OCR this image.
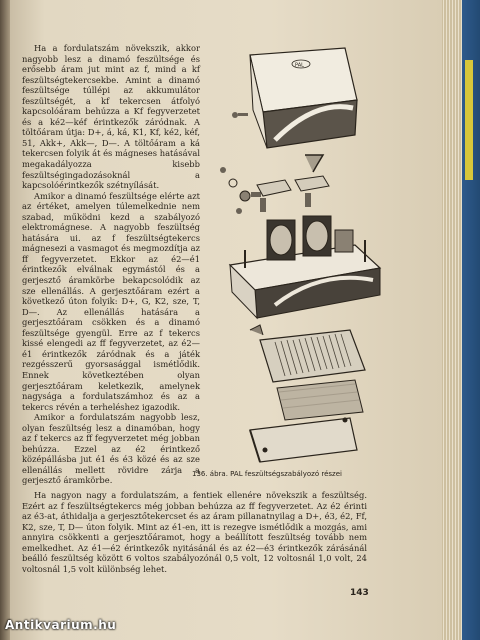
Ha a fordulatszám növekszik, akkor nagyobb lesz a dinamó feszültsége és erősebb áram jut mint az f, mind a kf feszültségtekercsekbe. Amint a dinamó feszültsége túllépi az akkumulátor feszültségét, a kf tekercsen átfolyó kapcsolóáram behúzza a Kf fegyverzetet és a ké2—kéf érintkezők záródnak. A töltőáram útja: D+, á, ká, K1, Kf, ké2, kéf, 51, Akk+, Akk—, D—. A töltőáram a ká tekercsen folyik át és mágneses hatásával megakadályozza kisebb feszültségingadozásoknál a kapcsolóérintkezők szétnyílását.

Amikor a dinamó feszültsége elérte azt az értéket, amelyen túlemelkednie nem szabad, működni kezd a szabályozó elektromágnese. A nagyobb feszültség hatására ui. az f feszültségtekercs mágnesezi a vasmagot és megmozdítja az ff fegyverzetet. Ekkor az é2—é1 érintkezők elválnak egymástól és a gerjesztő áramkörbe bekapcsolódik az sze ellenállás. A gerjesztőáram ezért a következő úton folyik: D+, G, K2, sze, T, D—. Az ellenállás hatására a gerjesztőáram csökken és a dinamó feszültsége gyengül. Erre az f tekercs kissé elengedi az ff fegyverzetet, az é2—é1 érintkezők záródnak és a játék rezgésszerű gyorsasággal ismétlődik. Ennek következtében olyan gerjesztőáram keletkezik, amelynek nagysága a fordulatszámhoz és az a tekercs révén a terheléshez igazodik.

Amikor a fordulatszám nagyobb lesz, olyan feszültség lesz a dinamóban, hogy az f tekercs az ff fegyverzetet még jobban behúzza. Ezzel az é2 érintkező középállásba jut é1 és é3 közé és az sze ellenállás mellett rövidre zárja a gerjesztő áramkörbe.

PAL
136. ábra. PAL feszültségszabályozó részei

Ha nagyon nagy a fordulatszám, a fentiek ellenére növekszik a feszültség. Ezért az f feszültségtekercs még jobban behúzza az ff fegyverzetet. Az é2 érinti az é3-at, áthidalja a gerjesztőtekercset és az áram pillanatnyilag a D+, é3, é2, Ff, K2, sze, T, D— úton folyik. Mint az é1-en, itt is rezegve ismétlődik a mozgás, ami annyira csökkenti a gerjesztőáramot, hogy a beállított feszültség tovább nem emelkedhet. Az é1—é2 érintkezők nyitásánál és az é2—é3 érintkezők zárásánál beálló feszültség között 6 voltos szabályozónál 0,5 volt, 12 voltosnál 1,0 volt, 24 voltosnál 1,5 volt különbség lehet.

143
Antikvarium.hu
